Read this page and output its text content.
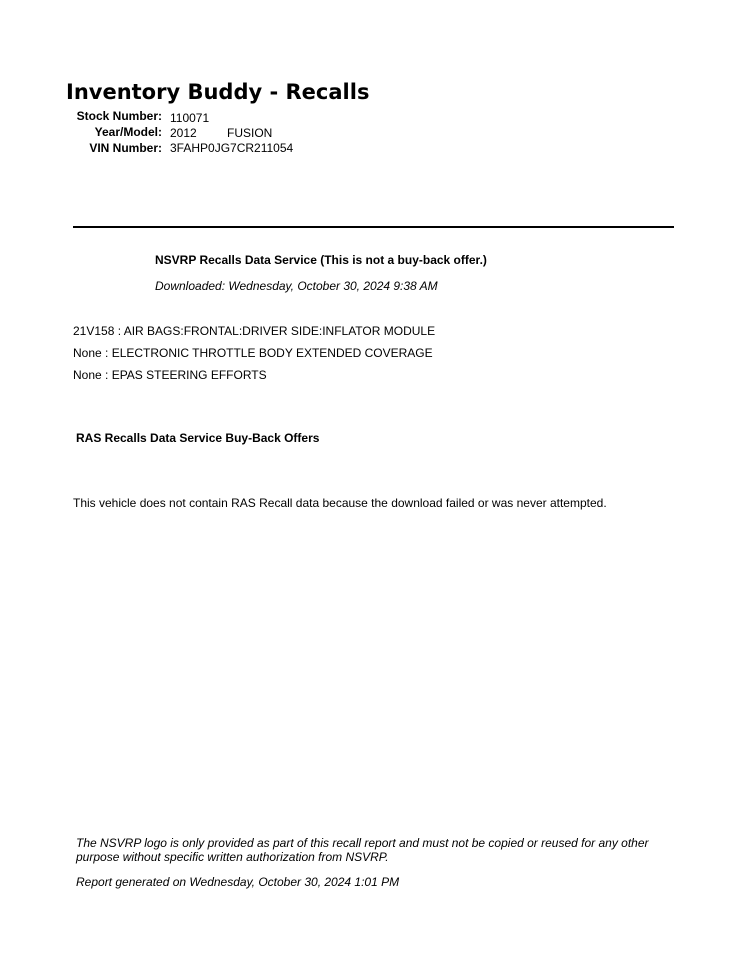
Inventory Buddy - Recalls
Stock Number: 110071
Year/Model: 2012	FUSION
VIN Number: 3FAHP0JG7CR211054
NSVRP Recalls Data Service (This is not a buy-back offer.)
Downloaded: Wednesday, October 30, 2024 9:38 AM
21V158 : AIR BAGS:FRONTAL:DRIVER SIDE:INFLATOR MODULE
None : ELECTRONIC THROTTLE BODY EXTENDED COVERAGE
None : EPAS STEERING EFFORTS
RAS Recalls Data Service Buy-Back Offers
This vehicle does not contain RAS Recall data because the download failed or was never attempted.
The NSVRP logo is only provided as part of this recall report and must not be copied or reused for any other purpose without specific written authorization from NSVRP.
Report generated on Wednesday, October 30, 2024 1:01 PM
